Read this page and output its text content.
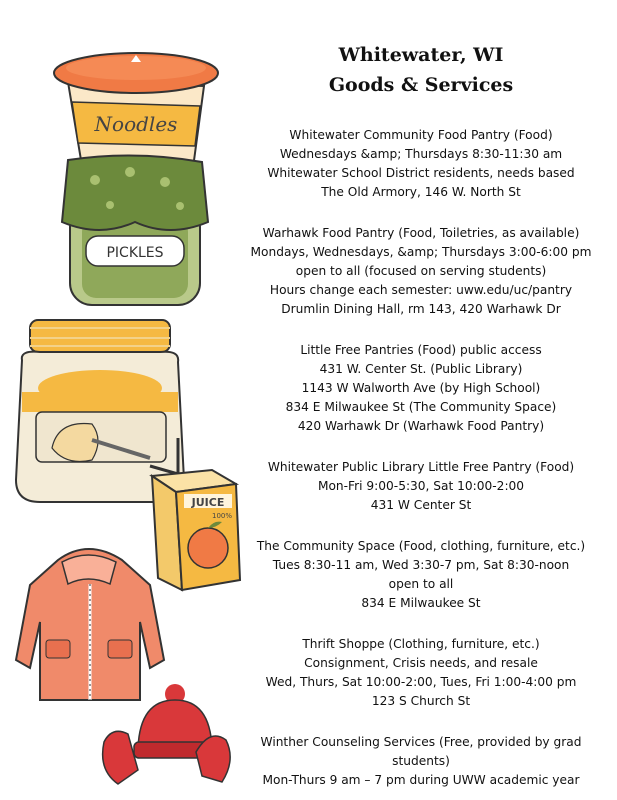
Noodles
PICKLES
JUICE
100%
Whitewater, WI
Goods & Services
Whitewater Community Food Pantry (Food)
Wednesdays &amp; Thursdays 8:30-11:30 am
Whitewater School District residents, needs based
The Old Armory, 146 W. North St
Warhawk Food Pantry (Food, Toiletries, as available)
Mondays, Wednesdays, &amp; Thursdays 3:00-6:00 pm
open to all (focused on serving students)
Hours change each semester: uww.edu/uc/pantry
Drumlin Dining Hall, rm 143, 420 Warhawk Dr
Little Free Pantries (Food) public access
431 W. Center St. (Public Library)
1143 W Walworth Ave (by High School)
834 E Milwaukee St (The Community Space)
420 Warhawk Dr (Warhawk Food Pantry)
Whitewater Public Library Little Free Pantry (Food)
Mon-Fri 9:00-5:30, Sat 10:00-2:00
431 W Center St
The Community Space (Food, clothing, furniture, etc.)
Tues 8:30-11 am, Wed 3:30-7 pm, Sat 8:30-noon
open to all
834 E Milwaukee St
Thrift Shoppe (Clothing, furniture, etc.)
Consignment, Crisis needs, and resale
Wed, Thurs, Sat 10:00-2:00, Tues, Fri 1:00-4:00 pm
123 S Church St
Winther Counseling Services (Free, provided by grad students)
Mon-Thurs 9 am – 7 pm during UWW academic year
